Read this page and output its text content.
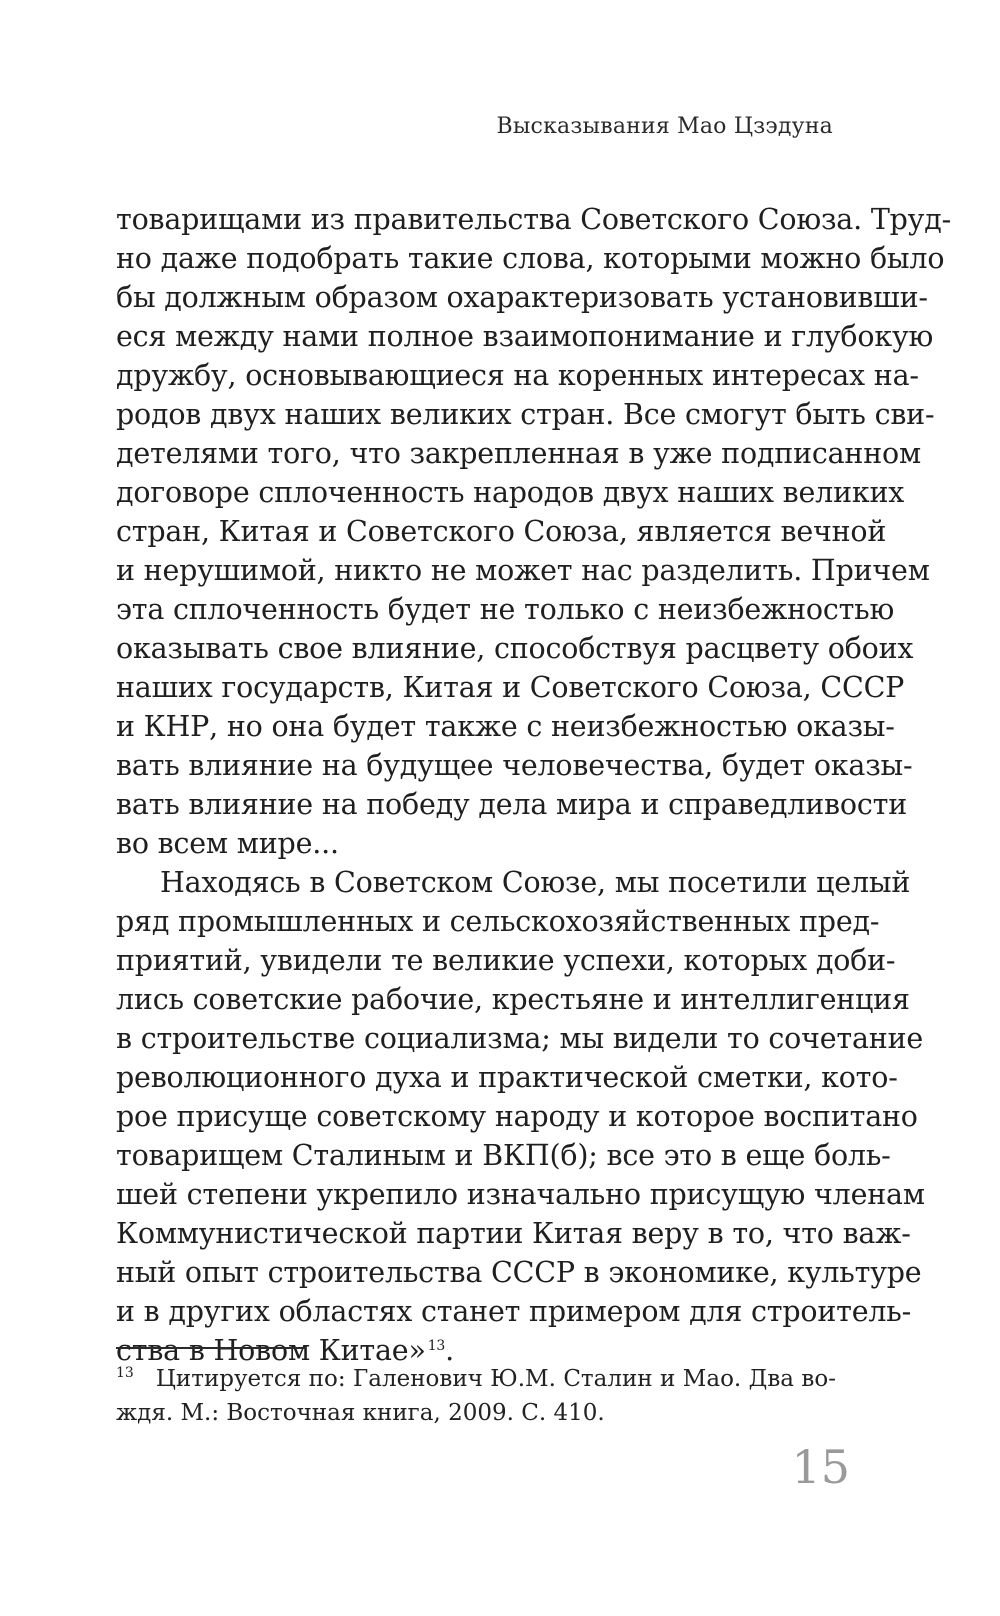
Высказывания Мао Цзэдуна
товарищами из правительства Советского Союза. Труд-
но даже подобрать такие слова, которыми можно было
бы должным образом охарактеризовать установивши-
еся между нами полное взаимопонимание и глубокую
дружбу, основывающиеся на коренных интересах на-
родов двух наших великих стран. Все смогут быть сви-
детелями того, что закрепленная в уже подписанном
договоре сплоченность народов двух наших великих
стран, Китая и Советского Союза, является вечной
и нерушимой, никто не может нас разделить. Причем
эта сплоченность будет не только с неизбежностью
оказывать свое влияние, способствуя расцвету обоих
наших государств, Китая и Советского Союза, СССР
и КНР, но она будет также с неизбежностью оказы-
вать влияние на будущее человечества, будет оказы-
вать влияние на победу дела мира и справедливости
во всем мире...
Находясь в Советском Союзе, мы посетили целый
ряд промышленных и сельскохозяйственных пред-
приятий, увидели те великие успехи, которых доби-
лись советские рабочие, крестьяне и интеллигенция
в строительстве социализма; мы видели то сочетание
революционного духа и практической сметки, кото-
рое присуще советскому народу и которое воспитано
товарищем Сталиным и ВКП(б); все это в еще боль-
шей степени укрепило изначально присущую членам
Коммунистической партии Китая веру в то, что важ-
ный опыт строительства СССР в экономике, культуре
и в других областях станет примером для строитель-
ства в Новом Китае» $^{13}$.
$^{13}$ Цитируется по: Галенович Ю.М. Сталин и Мао. Два во-
ждя. М.: Восточная книга, 2009. С. 410.
15
